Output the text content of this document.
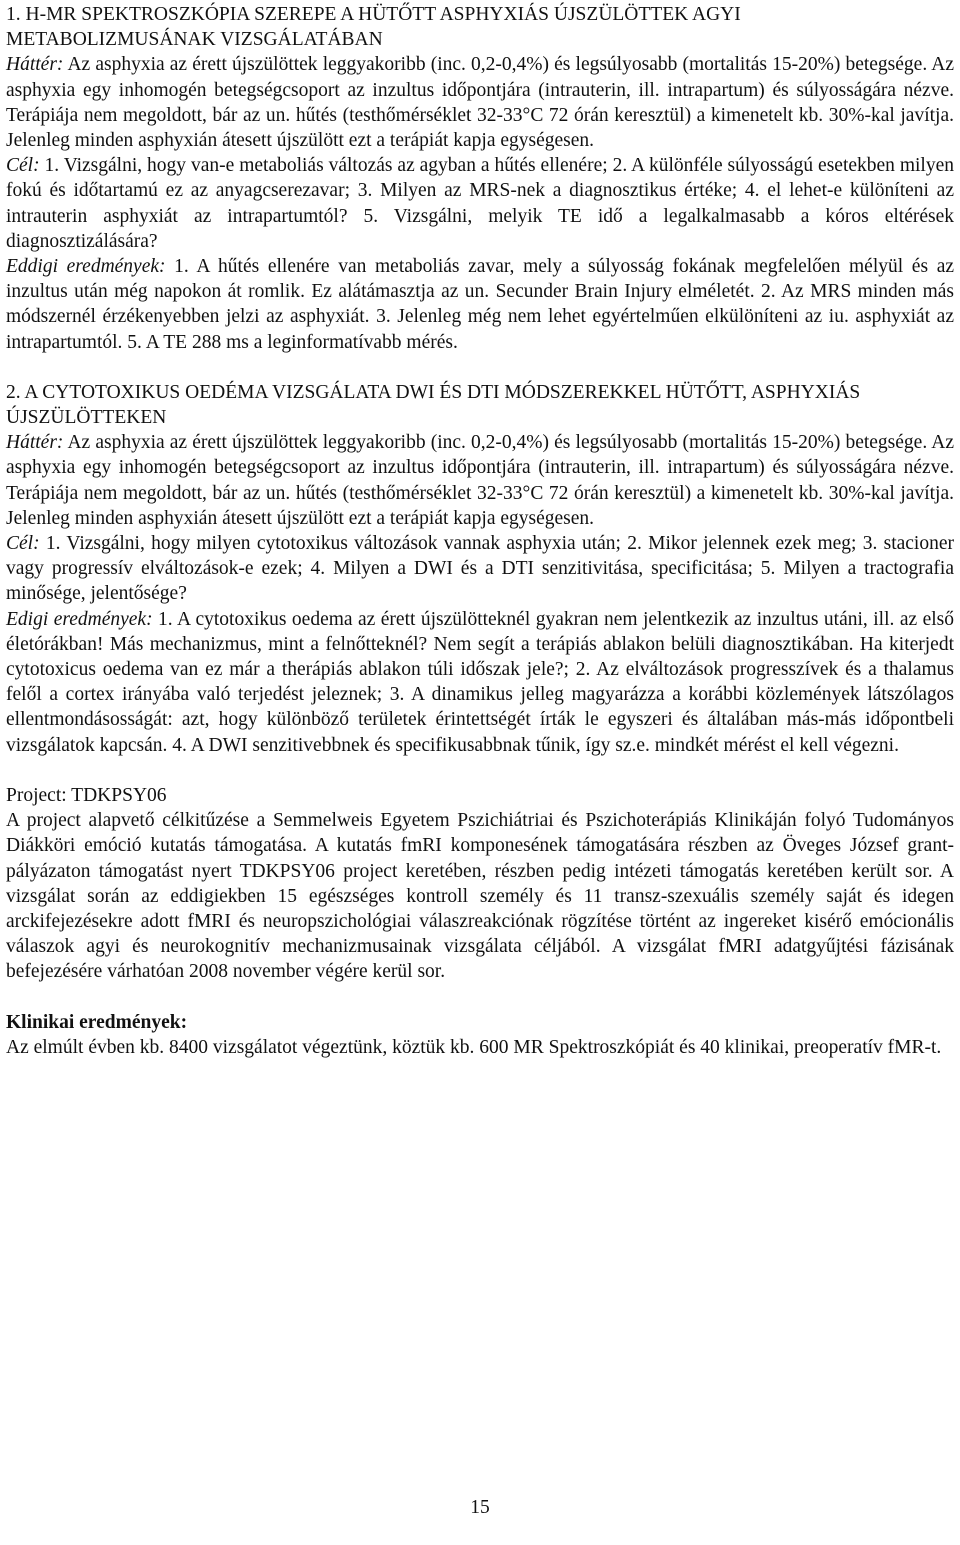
1. H-MR SPEKTROSZKÓPIA SZEREPE A HÜTŐTT ASPHYXIÁS ÚJSZÜLÖTTEK AGYI METABOLIZMUSÁNAK VIZSGÁLATÁBAN

Háttér: Az asphyxia az érett újszülöttek leggyakoribb (inc. 0,2-0,4%) és legsúlyosabb (mortalitás 15-20%) betegsége. Az asphyxia egy inhomogén betegségcsoport az inzultus időpontjára (intrauterin, ill. intrapartum) és súlyosságára nézve. Terápiája nem megoldott, bár az un. hűtés (testhőmérséklet 32-33°C 72 órán keresztül) a kimenetelt kb. 30%-kal javítja. Jelenleg minden asphyxián átesett újszülött ezt a terápiát kapja egységesen.

Cél: 1. Vizsgálni, hogy van-e metaboliás változás az agyban a hűtés ellenére; 2. A különféle súlyosságú esetekben milyen fokú és időtartamú ez az anyagcserezavar; 3. Milyen az MRS-nek a diagnosztikus értéke; 4. el lehet-e különíteni az intrauterin asphyxiát az intrapartumtól? 5. Vizsgálni, melyik TE idő a legalkalmasabb a kóros eltérések diagnosztizálására?

Eddigi eredmények: 1. A hűtés ellenére van metaboliás zavar, mely a súlyosság fokának megfelelően mélyül és az inzultus után még napokon át romlik. Ez alátámasztja az un. Secunder Brain Injury elméletét. 2. Az MRS minden más módszernél érzékenyebben jelzi az asphyxiát. 3. Jelenleg még nem lehet egyértelműen elkülöníteni az iu. asphyxiát az intrapartumtól. 5. A TE 288 ms a leginformatívabb mérés.

2. A CYTOTOXIKUS OEDÉMA VIZSGÁLATA DWI ÉS DTI MÓDSZEREKKEL HÜTŐTT, ASPHYXIÁS ÚJSZÜLÖTTEKEN

Háttér: Az asphyxia az érett újszülöttek leggyakoribb (inc. 0,2-0,4%) és legsúlyosabb (mortalitás 15-20%) betegsége. Az asphyxia egy inhomogén betegségcsoport az inzultus időpontjára (intrauterin, ill. intrapartum) és súlyosságára nézve. Terápiája nem megoldott, bár az un. hűtés (testhőmérséklet 32-33°C 72 órán keresztül) a kimenetelt kb. 30%-kal javítja. Jelenleg minden asphyxián átesett újszülött ezt a terápiát kapja egységesen.

Cél: 1. Vizsgálni, hogy milyen cytotoxikus változások vannak asphyxia után; 2. Mikor jelennek ezek meg; 3. stacioner vagy progressív elváltozások-e ezek; 4. Milyen a DWI és a DTI senzitivitása, specificitása; 5. Milyen a tractografia minősége, jelentősége?

Edigi eredmények: 1. A cytotoxikus oedema az érett újszülötteknél gyakran nem jelentkezik az inzultus utáni, ill. az első életórákban! Más mechanizmus, mint a felnőtteknél? Nem segít a terápiás ablakon belüli diagnosztikában. Ha kiterjedt cytotoxicus oedema van ez már a therápiás ablakon túli időszak jele?; 2. Az elváltozások progresszívek és a thalamus felől a cortex irányába való terjedést jeleznek; 3. A dinamikus jelleg magyarázza a korábbi közlemények látszólagos ellentmondásosságát: azt, hogy különböző területek érintettségét írták le egyszeri és általában más-más időpontbeli vizsgálatok kapcsán. 4. A DWI senzitivebbnek és specifikusabbnak tűnik, így sz.e. mindkét mérést el kell végezni.

Project: TDKPSY06

A project alapvető célkitűzése a Semmelweis Egyetem Pszichiátriai és Pszichoterápiás Klinikáján folyó Tudományos Diákköri emóció kutatás támogatása. A kutatás fmRI komponesének támogatására részben az Öveges József grant-pályázaton támogatást nyert TDKPSY06 project keretében, részben pedig intézeti támogatás keretében került sor. A vizsgálat során az eddigiekben 15 egészséges kontroll személy és 11 transz-szexuális személy saját és idegen arckifejezésekre adott fMRI és neuropszichológiai válaszreakciónak rögzítése történt az ingereket kisérő emócionális válaszok agyi és neurokognitív mechanizmusainak vizsgálata céljából. A vizsgálat fMRI adatgyűjtési fázisának befejezésére várhatóan 2008 november végére kerül sor.

Klinikai eredmények:

Az elmúlt évben kb. 8400 vizsgálatot végeztünk, köztük kb. 600 MR Spektroszkópiát és 40 klinikai, preoperatív fMR-t.

15
